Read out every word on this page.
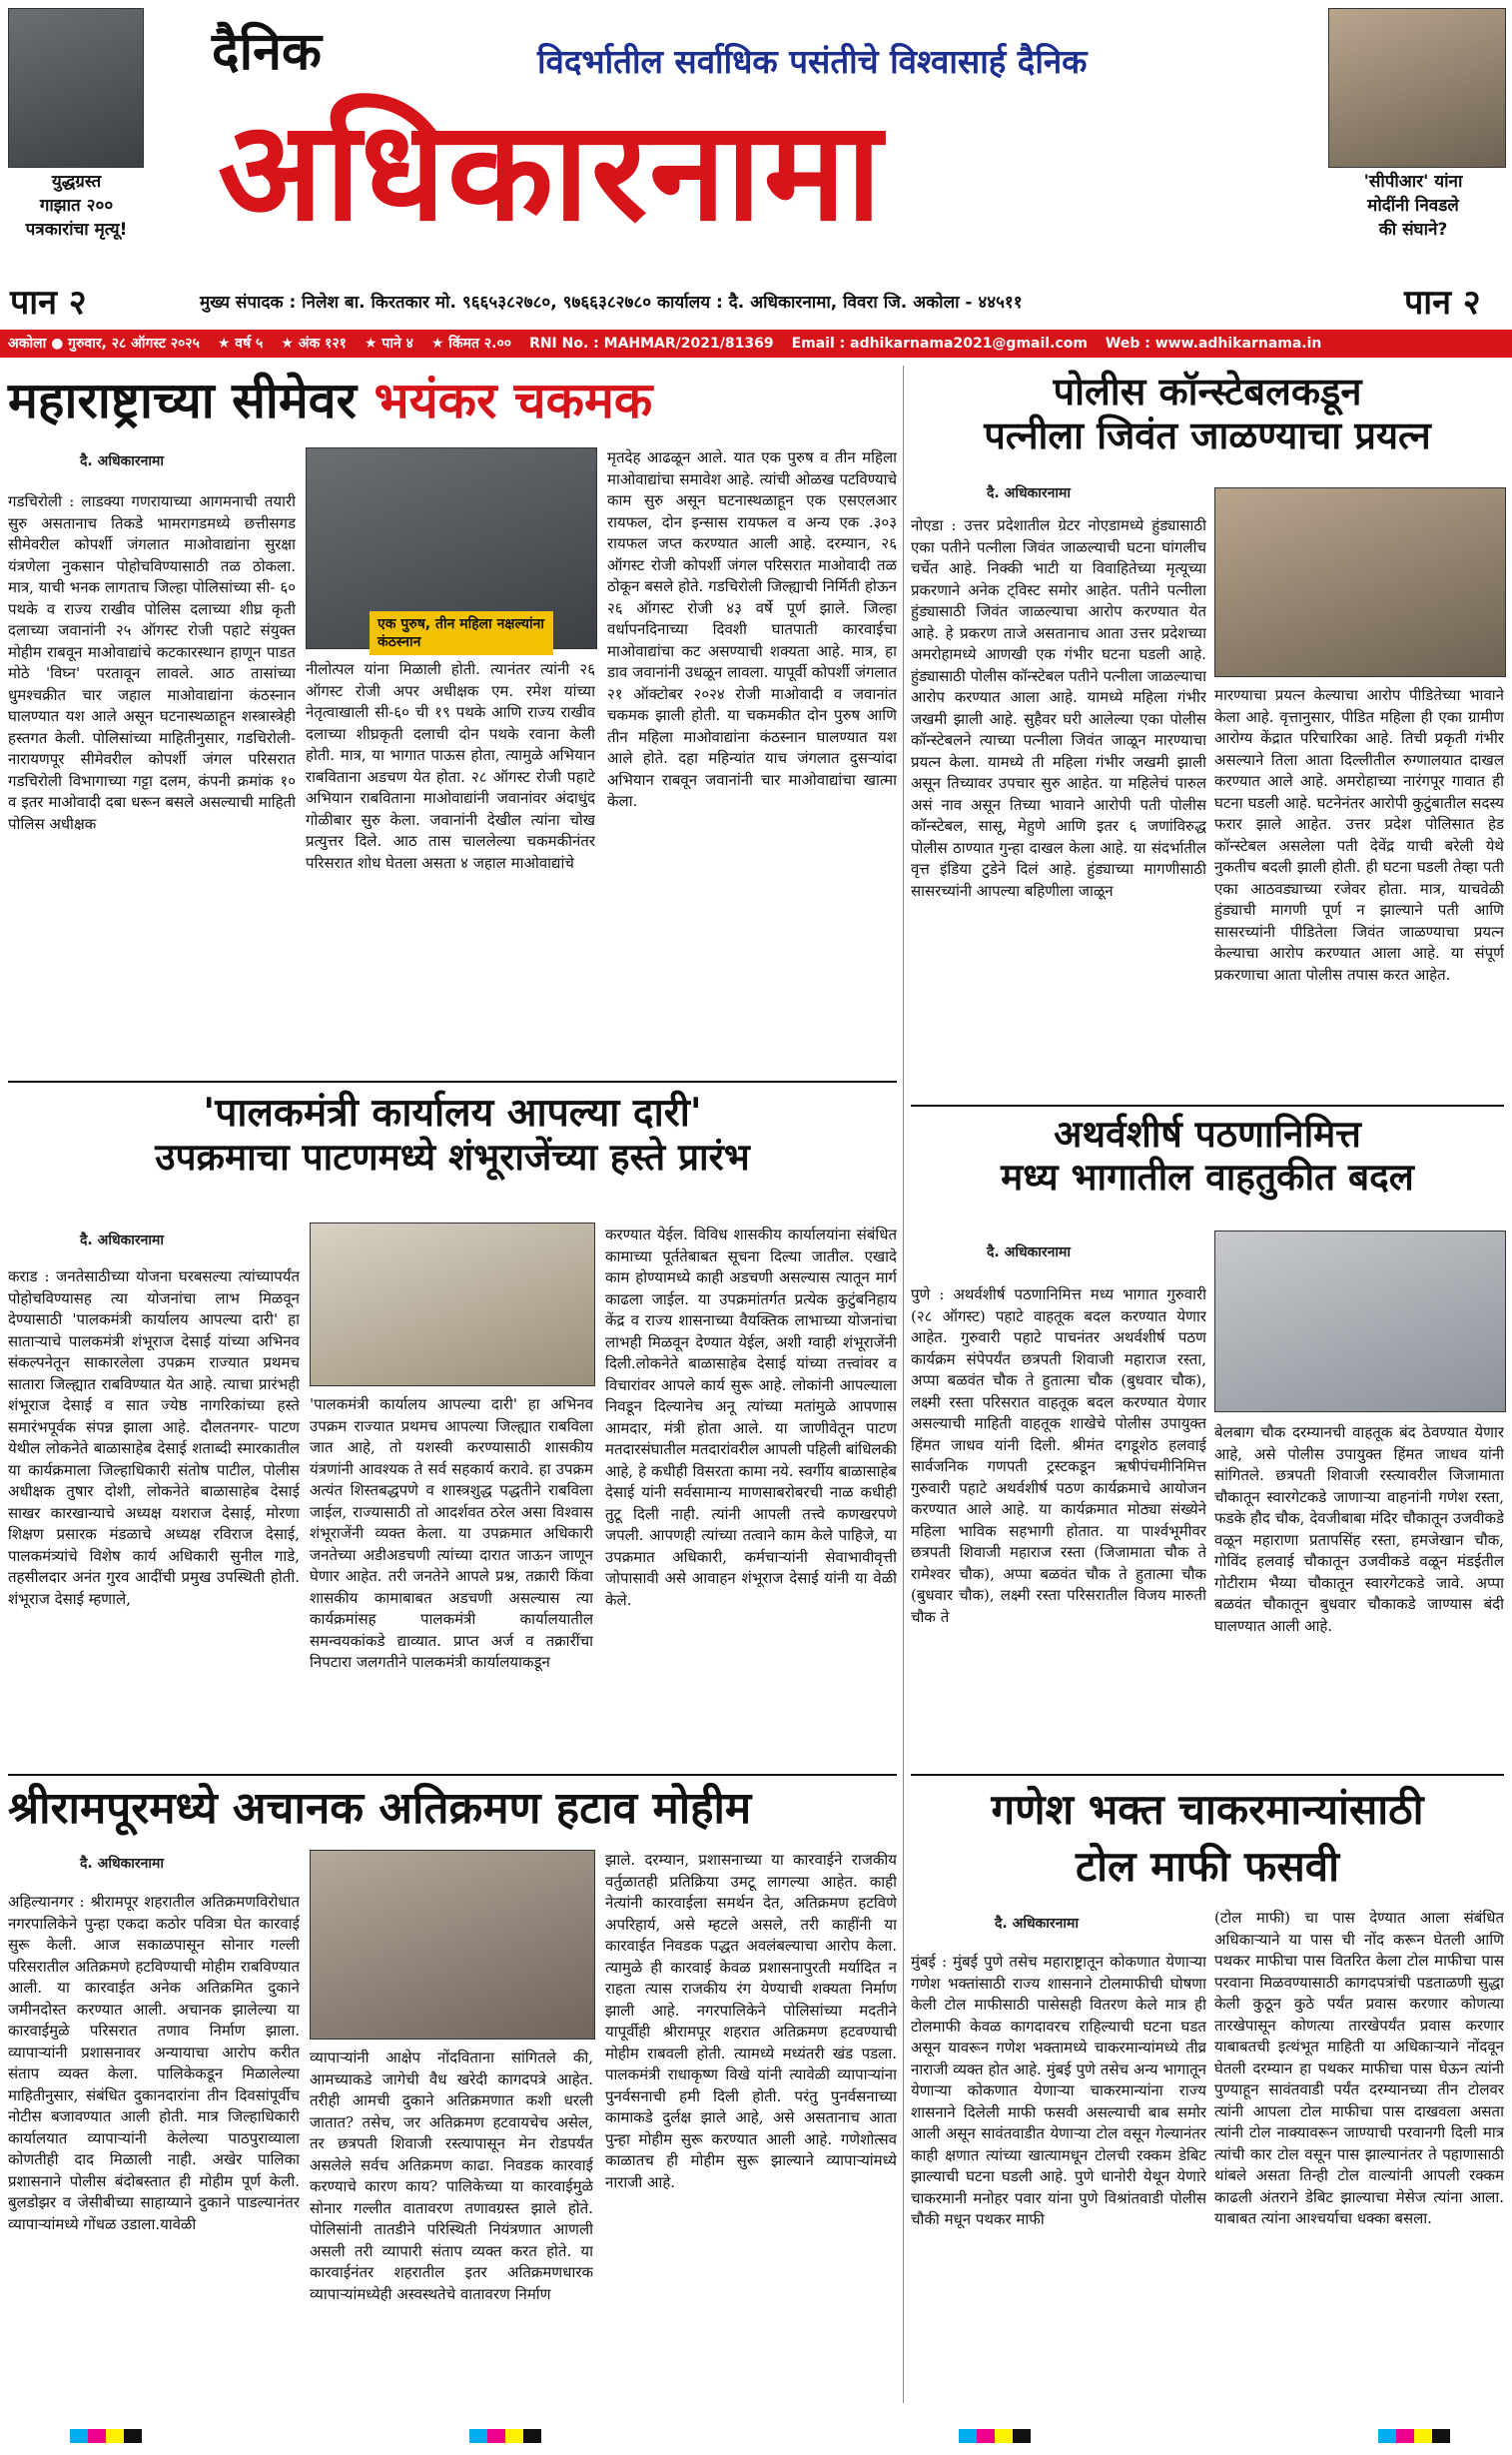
युद्धग्रस्त
गाझात २००
पत्रकारांचा मृत्यू!
दैनिक	विदर्भातील सर्वाधिक पसंतीचे विश्वासार्ह दैनिक
अधिकारनामा	'सीपीआर' यांना
मोदींनी निवडले
की संघाने?
पान २	मुख्य संपादक : निलेश बा. किरतकार मो. ९६६५३८२७८०, ९७६६३८२७८० कार्यालय : दै. अधिकारनामा, विवरा जि. अकोला - ४४५११	पान २
अकोला ● गुरुवार, २८ ऑगस्ट २०२५ ★ वर्ष ५ ★ अंक १२१ ★ पाने ४ ★ किंमत २.०० RNI No. : MAHMAR/2021/81369 Email : adhikarnama2021@gmail.com Web : www.adhikarnama.in
महाराष्ट्राच्या सीमेवर भयंकर चकमक
दै. अधिकारनामा
गडचिरोली : लाडक्या गणरायाच्या आगमनाची तयारी सुरु असतानाच तिकडे भामरागडमध्ये छत्तीसगड सीमेवरील कोपर्शी जंगलात माओवाद्यांना सुरक्षा यंत्रणेला नुकसान पोहोचविण्यासाठी तळ ठोकला. मात्र, याची भनक लागताच जिल्हा पोलिसांच्या सी- ६० पथके व राज्य राखीव पोलिस दलाच्या शीघ्र कृती दलाच्या जवानांनी २५ ऑगस्ट रोजी पहाटे संयुक्त मोहीम राबवून माओवाद्यांचे कटकारस्थान हाणून पाडत मोठे 'विघ्न' परतावून लावले. आठ तासांच्या धुमश्चक्रीत चार जहाल माओवाद्यांना कंठस्नान घालण्यात यश आले असून घटनास्थळाहून शस्त्रास्त्रेही हस्तगत केली. पोलिसांच्या माहितीनुसार, गडचिरोली- नारायणपूर सीमेवरील कोपर्शी जंगल परिसरात गडचिरोली विभागाच्या गट्टा दलम, कंपनी क्रमांक १० व इतर माओवादी दबा धरून बसले असल्याची माहिती पोलिस अधीक्षक
एक पुरुष, तीन महिला नक्षल्यांना कंठस्नान
नीलोत्पल यांना मिळाली होती. त्यानंतर त्यांनी २६ ऑगस्ट रोजी अपर अधीक्षक एम. रमेश यांच्या नेतृत्वाखाली सी-६० ची १९ पथके आणि राज्य राखीव दलाच्या शीघ्रकृती दलाची दोन पथके रवाना केली होती. मात्र, या भागात पाऊस होता, त्यामुळे अभियान राबविताना अडचण येत होता. २८ ऑगस्ट रोजी पहाटे अभियान राबविताना माओवाद्यांनी जवानांवर अंदाधुंद गोळीबार सुरु केला. जवानांनी देखील त्यांना चोख प्रत्युत्तर दिले. आठ तास चाललेल्या चकमकीनंतर परिसरात शोध घेतला असता ४ जहाल माओवाद्यांचे
मृतदेह आढळून आले. यात एक पुरुष व तीन महिला माओवाद्यांचा समावेश आहे. त्यांची ओळख पटविण्याचे काम सुरु असून घटनास्थळाहून एक एसएलआर रायफल, दोन इन्सास रायफल व अन्य एक .३०३ रायफल जप्त करण्यात आली आहे. दरम्यान, २६ ऑगस्ट रोजी कोपर्शी जंगल परिसरात माओवादी तळ ठोकून बसले होते. गडचिरोली जिल्ह्याची निर्मिती होऊन २६ ऑगस्ट रोजी ४३ वर्षे पूर्ण झाले. जिल्हा वर्धापनदिनाच्या दिवशी घातपाती कारवाईचा माओवाद्यांचा कट असण्याची शक्यता आहे. मात्र, हा डाव जवानांनी उधळून लावला. यापूर्वी कोपर्शी जंगलात २१ ऑक्टोबर २०२४ रोजी माओवादी व जवानांत चकमक झाली होती. या चकमकीत दोन पुरुष आणि तीन महिला माओवाद्यांना कंठस्नान घालण्यात यश आले होते. दहा महिन्यांत याच जंगलात दुसऱ्यांदा अभियान राबवून जवानांनी चार माओवाद्यांचा खात्मा केला.
पोलीस कॉन्स्टेबलकडून
पत्नीला जिवंत जाळण्याचा प्रयत्न
दै. अधिकारनामा
नोएडा : उत्तर प्रदेशातील ग्रेटर नोएडामध्ये हुंड्यासाठी एका पतीने पत्नीला जिवंत जाळल्याची घटना घांगलीच चर्चेत आहे. निक्की भाटी या विवाहितेच्या मृत्यूच्या प्रकरणाने अनेक ट्विस्ट समोर आहेत. पतीने पत्नीला हुंड्यासाठी जिवंत जाळल्याचा आरोप करण्यात येत आहे. हे प्रकरण ताजे असतानाच आता उत्तर प्रदेशच्या अमरोहामध्ये आणखी एक गंभीर घटना घडली आहे. हुंड्यासाठी पोलीस कॉन्स्टेबल पतीने पत्नीला जाळल्याचा आरोप करण्यात आला आहे. यामध्ये महिला गंभीर जखमी झाली आहे. सुहैवर घरी आलेल्या एका पोलीस कॉन्स्टेबलने त्याच्या पत्नीला जिवंत जाळून मारण्याचा प्रयत्न केला. यामध्ये ती महिला गंभीर जखमी झाली असून तिच्यावर उपचार सुरु आहेत. या महिलेचं पारुल असं नाव असून तिच्या भावाने आरोपी पती पोलीस कॉन्स्टेबल, सासू, मेहुणे आणि इतर ६ जणांविरुद्ध पोलीस ठाण्यात गुन्हा दाखल केला आहे. या संदर्भातील वृत्त इंडिया टुडेने दिलं आहे. हुंड्याच्या मागणीसाठी सासरच्यांनी आपल्या बहिणीला जाळून
मारण्याचा प्रयत्न केल्याचा आरोप पीडितेच्या भावाने केला आहे. वृत्तानुसार, पीडित महिला ही एका ग्रामीण आरोग्य केंद्रात परिचारिका आहे. तिची प्रकृती गंभीर असल्याने तिला आता दिल्लीतील रुग्णालयात दाखल करण्यात आले आहे. अमरोहाच्या नारंगपूर गावात ही घटना घडली आहे. घटनेनंतर आरोपी कुटुंबातील सदस्य फरार झाले आहेत. उत्तर प्रदेश पोलिसात हेड कॉन्स्टेबल असलेला पती देवेंद्र याची बरेली येथे नुकतीच बदली झाली होती. ही घटना घडली तेव्हा पती एका आठवड्याच्या रजेवर होता. मात्र, याचवेळी हुंड्याची मागणी पूर्ण न झाल्याने पती आणि सासरच्यांनी पीडितेला जिवंत जाळण्याचा प्रयत्न केल्याचा आरोप करण्यात आला आहे. या संपूर्ण प्रकरणाचा आता पोलीस तपास करत आहेत.
'पालकमंत्री कार्यालय आपल्या दारी'
उपक्रमाचा पाटणमध्ये शंभूराजेंच्या हस्ते प्रारंभ
दै. अधिकारनामा
कराड : जनतेसाठीच्या योजना घरबसल्या त्यांच्यापर्यंत पोहोचविण्यासह त्या योजनांचा लाभ मिळवून देण्यासाठी 'पालकमंत्री कार्यालय आपल्या दारी' हा सातार्‍याचे पालकमंत्री शंभूराज देसाई यांच्या अभिनव संकल्पनेतून साकारलेला उपक्रम राज्यात प्रथमच सातारा जिल्ह्यात राबविण्यात येत आहे. त्याचा प्रारंभही शंभूराज देसाई व सात ज्येष्ठ नागरिकांच्या हस्ते समारंभपूर्वक संपन्न झाला आहे. दौलतनगर- पाटण येथील लोकनेते बाळासाहेब देसाई शताब्दी स्मारकातील या कार्यक्रमाला जिल्हाधिकारी संतोष पाटील, पोलीस अधीक्षक तुषार दोशी, लोकनेते बाळासाहेब देसाई साखर कारखान्याचे अध्यक्ष यशराज देसाई, मोरणा शिक्षण प्रसारक मंडळाचे अध्यक्ष रविराज देसाई, पालकमंत्र्यांचे विशेष कार्य अधिकारी सुनील गाडे, तहसीलदार अनंत गुरव आदींची प्रमुख उपस्थिती होती. शंभूराज देसाई म्हणाले,
'पालकमंत्री कार्यालय आपल्या दारी' हा अभिनव उपक्रम राज्यात प्रथमच आपल्या जिल्ह्यात राबविला जात आहे, तो यशस्वी करण्यासाठी शासकीय यंत्रणांनी आवश्यक ते सर्व सहकार्य करावे. हा उपक्रम अत्यंत शिस्तबद्धपणे व शास्त्रशुद्ध पद्धतीने राबविला जाईल, राज्यासाठी तो आदर्शवत ठरेल असा विश्वास शंभूराजेंनी व्यक्त केला. या उपक्रमात अधिकारी जनतेच्या अडीअडचणी त्यांच्या दारात जाऊन जाणून घेणार आहेत. तरी जनतेने आपले प्रश्न, तक्रारी किंवा शासकीय कामाबाबत अडचणी असल्यास त्या कार्यक्रमांसह पालकमंत्री कार्यालयातील समन्वयकांकडे द्याव्यात. प्राप्त अर्ज व तक्रारींचा निपटारा जलगतीने पालकमंत्री कार्यालयाकडून
करण्यात येईल. विविध शासकीय कार्यालयांना संबंधित कामाच्या पूर्ततेबाबत सूचना दिल्या जातील. एखादे काम होण्यामध्ये काही अडचणी असल्यास त्यातून मार्ग काढला जाईल. या उपक्रमांतर्गत प्रत्येक कुटुंबनिहाय केंद्र व राज्य शासनाच्या वैयक्तिक लाभाच्या योजनांचा लाभही मिळवून देण्यात येईल, अशी ग्वाही शंभूराजेंनी दिली.लोकनेते बाळासाहेब देसाई यांच्या तत्त्वांवर व विचारांवर आपले कार्य सुरू आहे. लोकांनी आपल्याला निवडून दिल्यानेच अनू त्यांच्या मतांमुळे आपणास आमदार, मंत्री होता आले. या जाणीवेतून पाटण मतदारसंघातील मतदारांवरील आपली पहिली बांधिलकी आहे, हे कधीही विसरता कामा नये. स्वर्गीय बाळासाहेब देसाई यांनी सर्वसामान्य माणसाबरोबरची नाळ कधीही तुटू दिली नाही. त्यांनी आपली तत्त्वे कणखरपणे जपली. आपणही त्यांच्या तत्वाने काम केले पाहिजे, या उपक्रमात अधिकारी, कर्मचार्‍यांनी सेवाभावीवृत्ती जोपासावी असे आवाहन शंभूराज देसाई यांनी या वेळी केले.
अथर्वशीर्ष पठणानिमित्त
मध्य भागातील वाहतुकीत बदल
दै. अधिकारनामा
पुणे : अथर्वशीर्ष पठणानिमित्त मध्य भागात गुरुवारी (२८ ऑगस्ट) पहाटे वाहतूक बदल करण्यात येणार आहेत. गुरुवारी पहाटे पाचनंतर अथर्वशीर्ष पठण कार्यक्रम संपेपर्यंत छत्रपती शिवाजी महाराज रस्ता, अप्पा बळवंत चौक ते हुतात्मा चौक (बुधवार चौक), लक्ष्मी रस्ता परिसरात वाहतूक बदल करण्यात येणार असल्याची माहिती वाहतूक शाखेचे पोलीस उपायुक्त हिंमत जाधव यांनी दिली. श्रीमंत दगडूशेठ हलवाई सार्वजनिक गणपती ट्रस्टकडून ऋषीपंचमीनिमित्त गुरुवारी पहाटे अथर्वशीर्ष पठण कार्यक्रमाचे आयोजन करण्यात आले आहे. या कार्यक्रमात मोठ्या संख्येने महिला भाविक सहभागी होतात. या पार्श्वभूमीवर छत्रपती शिवाजी महाराज रस्ता (जिजामाता चौक ते रामेश्वर चौक), अप्पा बळवंत चौक ते हुतात्मा चौक (बुधवार चौक), लक्ष्मी रस्ता परिसरातील विजय मारुती चौक ते
बेलबाग चौक दरम्यानची वाहतूक बंद ठेवण्यात येणार आहे, असे पोलीस उपायुक्त हिंमत जाधव यांनी सांगितले. छत्रपती शिवाजी रस्त्यावरील जिजामाता चौकातून स्वारगेटकडे जाणाऱ्या वाहनांनी गणेश रस्ता, फडके हौद चौक, देवजीबाबा मंदिर चौकातून उजवीकडे वळून महाराणा प्रतापसिंह रस्ता, हमजेखान चौक, गोविंद हलवाई चौकातून उजवीकडे वळून मंडईतील गोटीराम भैय्या चौकातून स्वारगेटकडे जावे. अप्पा बळवंत चौकातून बुधवार चौकाकडे जाण्यास बंदी घालण्यात आली आहे.
श्रीरामपूरमध्ये अचानक अतिक्रमण हटाव मोहीम
दै. अधिकारनामा
अहिल्यानगर : श्रीरामपूर शहरातील अतिक्रमणविरोधात नगरपालिकेने पुन्हा एकदा कठोर पवित्रा घेत कारवाई सुरू केली. आज सकाळपासून सोनार गल्ली परिसरातील अतिक्रमणे हटविण्याची मोहीम राबविण्यात आली. या कारवाईत अनेक अतिक्रमित दुकाने जमीनदोस्त करण्यात आली. अचानक झालेल्या या कारवाईमुळे परिसरात तणाव निर्माण झाला. व्यापार्‍यांनी प्रशासनावर अन्यायाचा आरोप करीत संताप व्यक्त केला. पालिकेकडून मिळालेल्या माहितीनुसार, संबंधित दुकानदारांना तीन दिवसांपूर्वीच नोटीस बजावण्यात आली होती. मात्र जिल्हाधिकारी कार्यालयात व्यापार्‍यांनी केलेल्या पाठपुराव्याला कोणतीही दाद मिळाली नाही. अखेर पालिका प्रशासनाने पोलीस बंदोबस्तात ही मोहीम पूर्ण केली. बुलडोझर व जेसीबीच्या साहाय्याने दुकाने पाडल्यानंतर व्यापार्‍यांमध्ये गोंधळ उडाला.यावेळी
व्यापार्‍यांनी आक्षेप नोंदविताना सांगितले की, आमच्याकडे जागेची वैध खरेदी कागदपत्रे आहेत. तरीही आमची दुकाने अतिक्रमणात कशी धरली जातात? तसेच, जर अतिक्रमण हटवायचेच असेल, तर छत्रपती शिवाजी रस्त्यापासून मेन रोडपर्यंत असलेले सर्वच अतिक्रमण काढा. निवडक कारवाई करण्याचे कारण काय? पालिकेच्या या कारवाईमुळे सोनार गल्लीत वातावरण तणावग्रस्त झाले होते. पोलिसांनी तातडीने परिस्थिती नियंत्रणात आणली असली तरी व्यापारी संताप व्यक्त करत होते. या कारवाईनंतर शहरातील इतर अतिक्रमणधारक व्यापार्‍यांमध्येही अस्वस्थतेचे वातावरण निर्माण
झाले. दरम्यान, प्रशासनाच्या या कारवाईने राजकीय वर्तुळातही प्रतिक्रिया उमटू लागल्या आहेत. काही नेत्यांनी कारवाईला समर्थन देत, अतिक्रमण हटविणे अपरिहार्य, असे म्हटले असले, तरी काहींनी या कारवाईत निवडक पद्धत अवलंबल्याचा आरोप केला. त्यामुळे ही कारवाई केवळ प्रशासनापुरती मर्यादित न राहता त्यास राजकीय रंग येण्याची शक्यता निर्माण झाली आहे. नगरपालिकेने पोलिसांच्या मदतीने यापूर्वीही श्रीरामपूर शहरात अतिक्रमण हटवण्याची मोहीम राबवली होती. त्यामध्ये मध्यंतरी खंड पडला. पालकमंत्री राधाकृष्ण विखे यांनी त्यावेळी व्यापार्‍यांना पुनर्वसनाची हमी दिली होती. परंतु पुनर्वसनाच्या कामाकडे दुर्लक्ष झाले आहे, असे असतानाच आता पुन्हा मोहीम सुरू करण्यात आली आहे. गणेशोत्सव काळातच ही मोहीम सुरू झाल्याने व्यापार्‍यांमध्ये नाराजी आहे.
गणेश भक्त चाकरमान्यांसाठी
टोल माफी फसवी
दै. अधिकारनामा
मुंबई : मुंबई पुणे तसेच महाराष्ट्रातून कोकणात येणाऱ्या गणेश भक्तांसाठी राज्य शासनाने टोलमाफीची घोषणा केली टोल माफीसाठी पासेसही वितरण केले मात्र ही टोलमाफी केवळ कागदावरच राहिल्याची घटना घडत असून यावरून गणेश भक्तामध्ये चाकरमान्यांमध्ये तीव्र नाराजी व्यक्त होत आहे. मुंबई पुणे तसेच अन्य भागातून येणाऱ्या कोकणात येणाऱ्या चाकरमान्यांना राज्य शासनाने दिलेली माफी फसवी असल्याची बाब समोर आली असून सावंतवाडीत येणाऱ्या टोल वसून गेल्यानंतर काही क्षणात त्यांच्या खात्यामधून टोलची रक्कम डेबिट झाल्याची घटना घडली आहे. पुणे धानोरी येथून येणारे चाकरमानी मनोहर पवार यांना पुणे विश्रांतवाडी पोलीस चौकी मधून पथकर माफी
(टोल माफी) चा पास देण्यात आला संबंधित अधिकाऱ्याने या पास ची नोंद करून घेतली आणि पथकर माफीचा पास वितरित केला टोल माफीचा पास परवाना मिळवण्यासाठी कागदपत्रांची पडताळणी सुद्धा केली कुठून कुठे पर्यंत प्रवास करणार कोणत्या तारखेपासून कोणत्या तारखेपर्यंत प्रवास करणार याबाबतची इत्थंभूत माहिती या अधिकाऱ्याने नोंदवून घेतली दरम्यान हा पथकर माफीचा पास घेऊन त्यांनी पुण्याहून सावंतवाडी पर्यंत दरम्यानच्या तीन टोलवर त्यांनी आपला टोल माफीचा पास दाखवला असता त्यांनी टोल नाक्यावरून जाण्याची परवानगी दिली मात्र त्यांची कार टोल वसून पास झाल्यानंतर ते पहाणासाठी थांबले असता तिन्ही टोल वाल्यांनी आपली रक्कम काढली अंतराने डेबिट झाल्याचा मेसेज त्यांना आला. याबाबत त्यांना आश्चर्याचा धक्का बसला.
